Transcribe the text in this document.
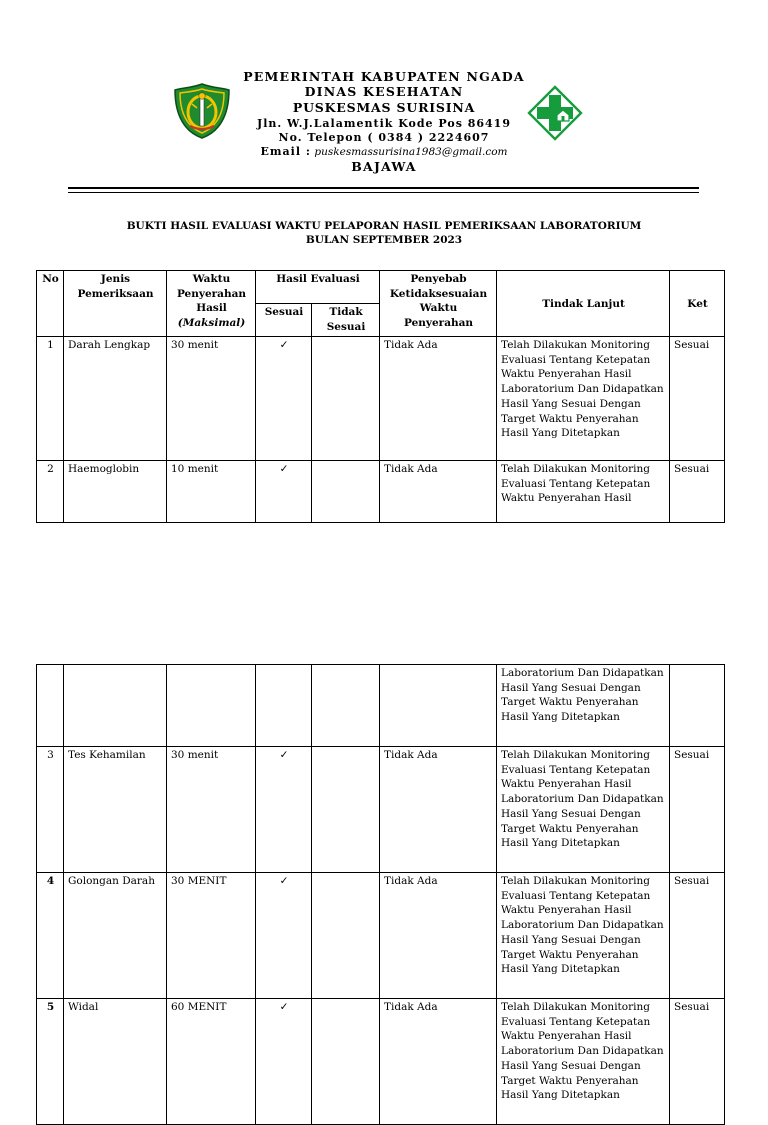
PEMERINTAH KABUPATEN NGADA
DINAS KESEHATAN
PUSKESMAS SURISINA
Jln. W.J.Lalamentik Kode Pos 86419
No. Telepon ( 0384 ) 2224607
Email : puskesmassurisina1983@gmail.com
BAJAWA
BUKTI HASIL EVALUASI WAKTU PELAPORAN HASIL PEMERIKSAAN LABORATORIUM
BULAN SEPTEMBER 2023
No	Jenis Pemeriksaan	Waktu Penyerahan Hasil (Maksimal)	Hasil Evaluasi		Penyebab Ketidaksesuaian Waktu Penyerahan	Tindak Lanjut	Ket
			Sesuai	Tidak Sesuai			
1	Darah Lengkap	30 menit	✓		Tidak Ada	Telah Dilakukan Monitoring Evaluasi Tentang Ketepatan Waktu Penyerahan Hasil Laboratorium Dan Didapatkan Hasil Yang Sesuai Dengan Target Waktu Penyerahan Hasil Yang Ditetapkan	Sesuai
2	Haemoglobin	10 menit	✓		Tidak Ada	Telah Dilakukan Monitoring Evaluasi Tentang Ketepatan Waktu Penyerahan Hasil	Sesuai
						Laboratorium Dan Didapatkan Hasil Yang Sesuai Dengan Target Waktu Penyerahan Hasil Yang Ditetapkan	
3	Tes Kehamilan	30 menit	✓		Tidak Ada	Telah Dilakukan Monitoring Evaluasi Tentang Ketepatan Waktu Penyerahan Hasil Laboratorium Dan Didapatkan Hasil Yang Sesuai Dengan Target Waktu Penyerahan Hasil Yang Ditetapkan	Sesuai
4	Golongan Darah	30 MENIT	✓		Tidak Ada	Telah Dilakukan Monitoring Evaluasi Tentang Ketepatan Waktu Penyerahan Hasil Laboratorium Dan Didapatkan Hasil Yang Sesuai Dengan Target Waktu Penyerahan Hasil Yang Ditetapkan	Sesuai
5	Widal	60 MENIT	✓		Tidak Ada	Telah Dilakukan Monitoring Evaluasi Tentang Ketepatan Waktu Penyerahan Hasil Laboratorium Dan Didapatkan Hasil Yang Sesuai Dengan Target Waktu Penyerahan Hasil Yang Ditetapkan	Sesuai
